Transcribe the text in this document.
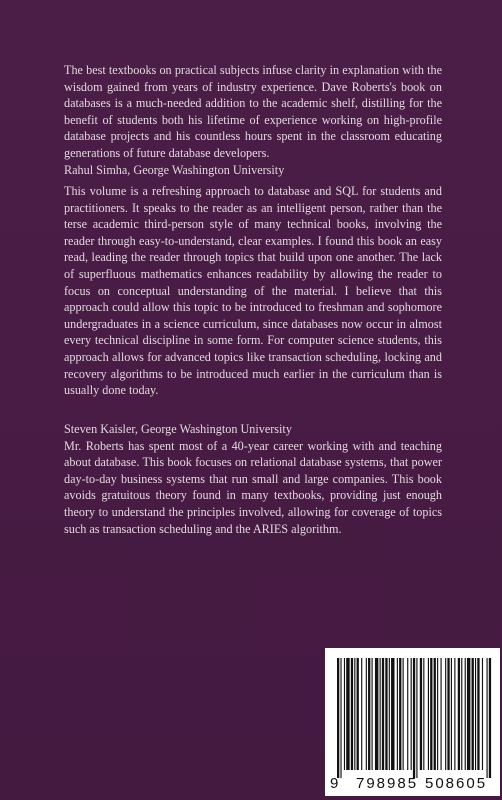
The best textbooks on practical subjects infuse clarity in explanation with the wisdom gained from years of industry experience. Dave Roberts's book on databases is a much-needed addition to the academic shelf, distilling for the benefit of students both his lifetime of experience working on high-profile database projects and his countless hours spent in the classroom educating generations of future database developers.

Rahul Simha, George Washington University

This volume is a refreshing approach to database and SQL for students and practitioners. It speaks to the reader as an intelligent person, rather than the terse academic third-person style of many technical books, involving the reader through easy-to-understand, clear examples. I found this book an easy read, leading the reader through topics that build upon one another. The lack of superfluous mathematics enhances readability by allowing the reader to focus on conceptual understanding of the material. I believe that this approach could allow this topic to be introduced to freshman and sophomore undergraduates in a science curriculum, since databases now occur in almost every technical discipline in some form. For computer science students, this approach allows for advanced topics like transaction scheduling, locking and recovery algorithms to be introduced much earlier in the curriculum than is usually done today.

Steven Kaisler, George Washington University

Mr. Roberts has spent most of a 40-year career working with and teaching about database. This book focuses on relational database systems, that power day-to-day business systems that run small and large companies. This book avoids gratuitous theory found in many textbooks, providing just enough theory to understand the principles involved, allowing for coverage of topics such as transaction scheduling and the ARIES algorithm.

9 798985 508605
